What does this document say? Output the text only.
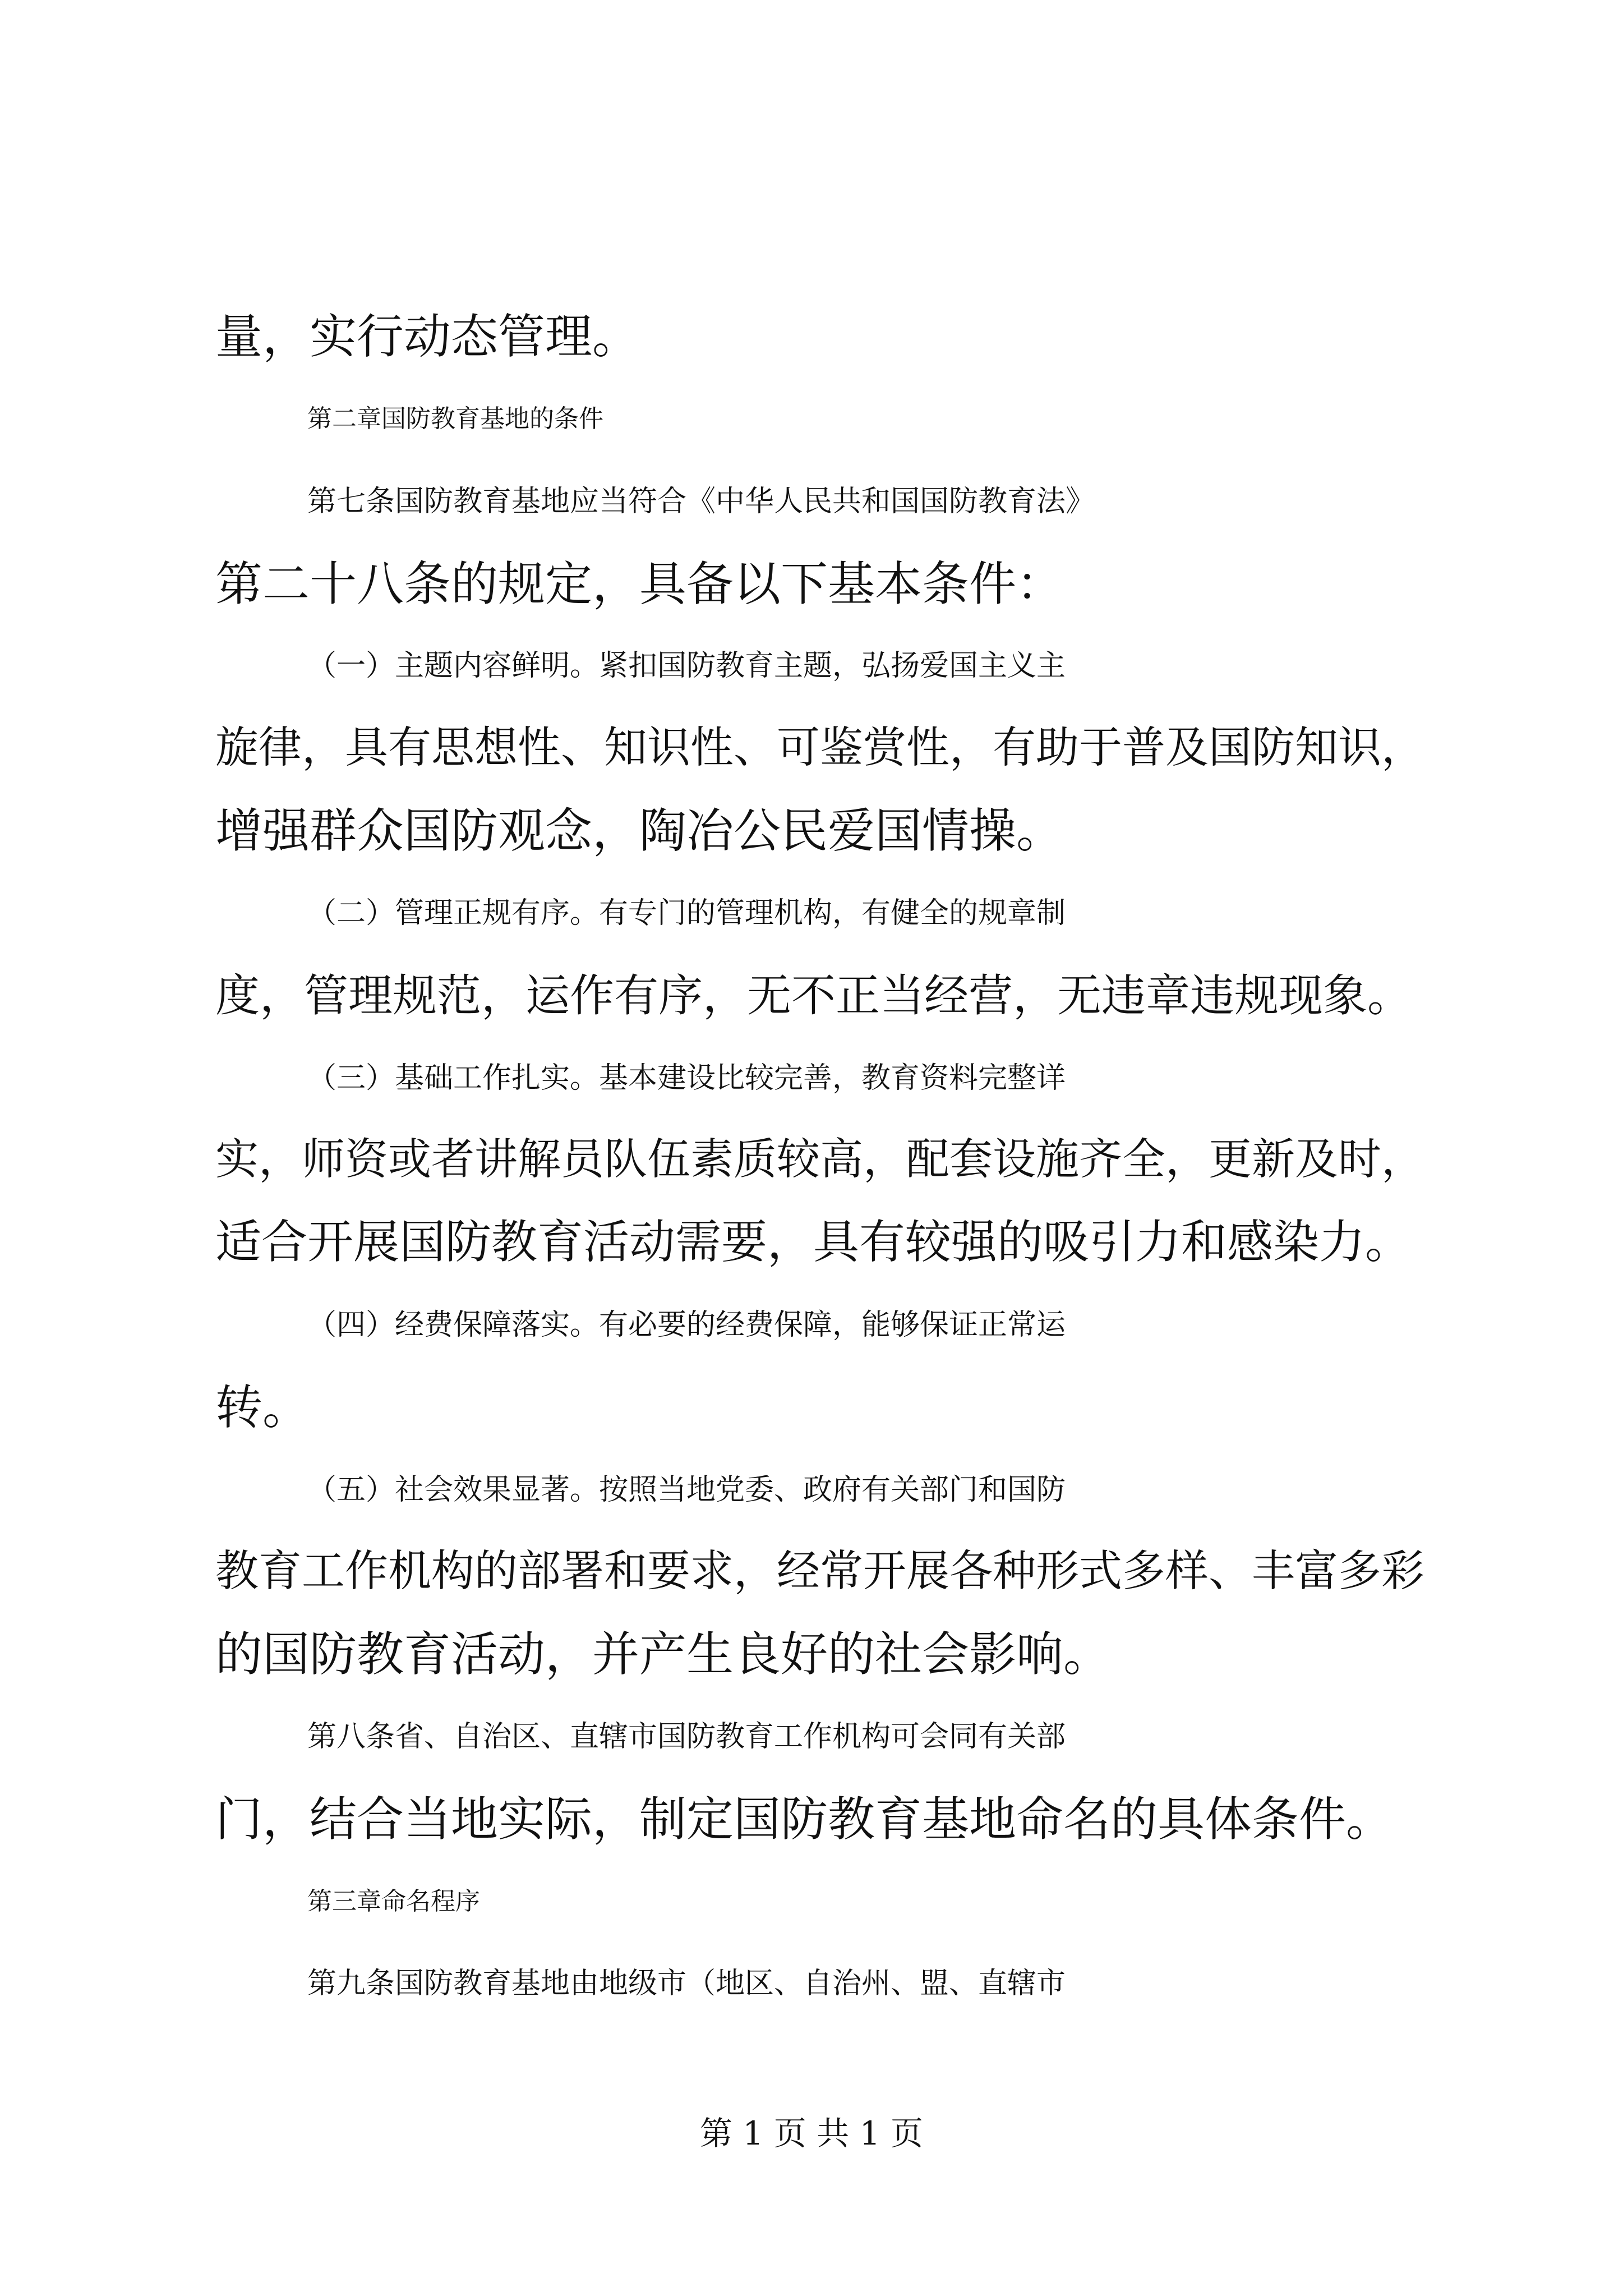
量，实行动态管理。
第二章国防教育基地的条件
第七条国防教育基地应当符合《中华人民共和国国防教育法》
第二十八条的规定，具备以下基本条件：
（一）主题内容鲜明。紧扣国防教育主题，弘扬爱国主义主
旋律，具有思想性、知识性、可鉴赏性，有助于普及国防知识，
增强群众国防观念，陶冶公民爱国情操。
（二）管理正规有序。有专门的管理机构，有健全的规章制
度，管理规范，运作有序，无不正当经营，无违章违规现象。
（三）基础工作扎实。基本建设比较完善，教育资料完整详
实，师资或者讲解员队伍素质较高，配套设施齐全，更新及时，
适合开展国防教育活动需要，具有较强的吸引力和感染力。
（四）经费保障落实。有必要的经费保障，能够保证正常运
转。
（五）社会效果显著。按照当地党委、政府有关部门和国防
教育工作机构的部署和要求，经常开展各种形式多样、丰富多彩
的国防教育活动，并产生良好的社会影响。
第八条省、自治区、直辖市国防教育工作机构可会同有关部
门，结合当地实际，制定国防教育基地命名的具体条件。
第三章命名程序
第九条国防教育基地由地级市（地区、自治州、盟、直辖市
第 1 页 共 1 页
